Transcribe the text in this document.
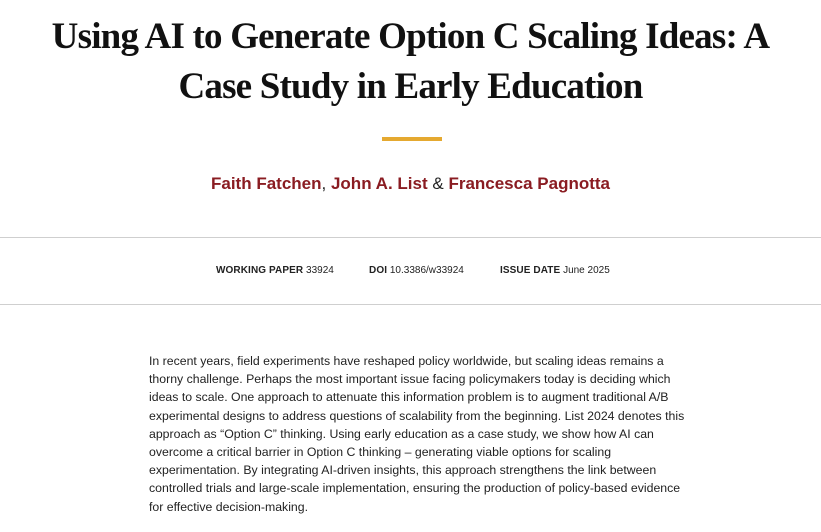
Using AI to Generate Option C Scaling Ideas: A
Case Study in Early Education
Faith Fatchen, John A. List & Francesca Pagnotta
WORKING PAPER 33924	DOI 10.3386/w33924	ISSUE DATE June 2025

In recent years, field experiments have reshaped policy worldwide, but scaling ideas remains a
thorny challenge. Perhaps the most important issue facing policymakers today is deciding which
ideas to scale. One approach to attenuate this information problem is to augment traditional A/B
experimental designs to address questions of scalability from the beginning. List 2024 denotes this
approach as “Option C” thinking. Using early education as a case study, we show how AI can
overcome a critical barrier in Option C thinking – generating viable options for scaling
experimentation. By integrating AI-driven insights, this approach strengthens the link between
controlled trials and large-scale implementation, ensuring the production of policy-based evidence
for effective decision-making.
